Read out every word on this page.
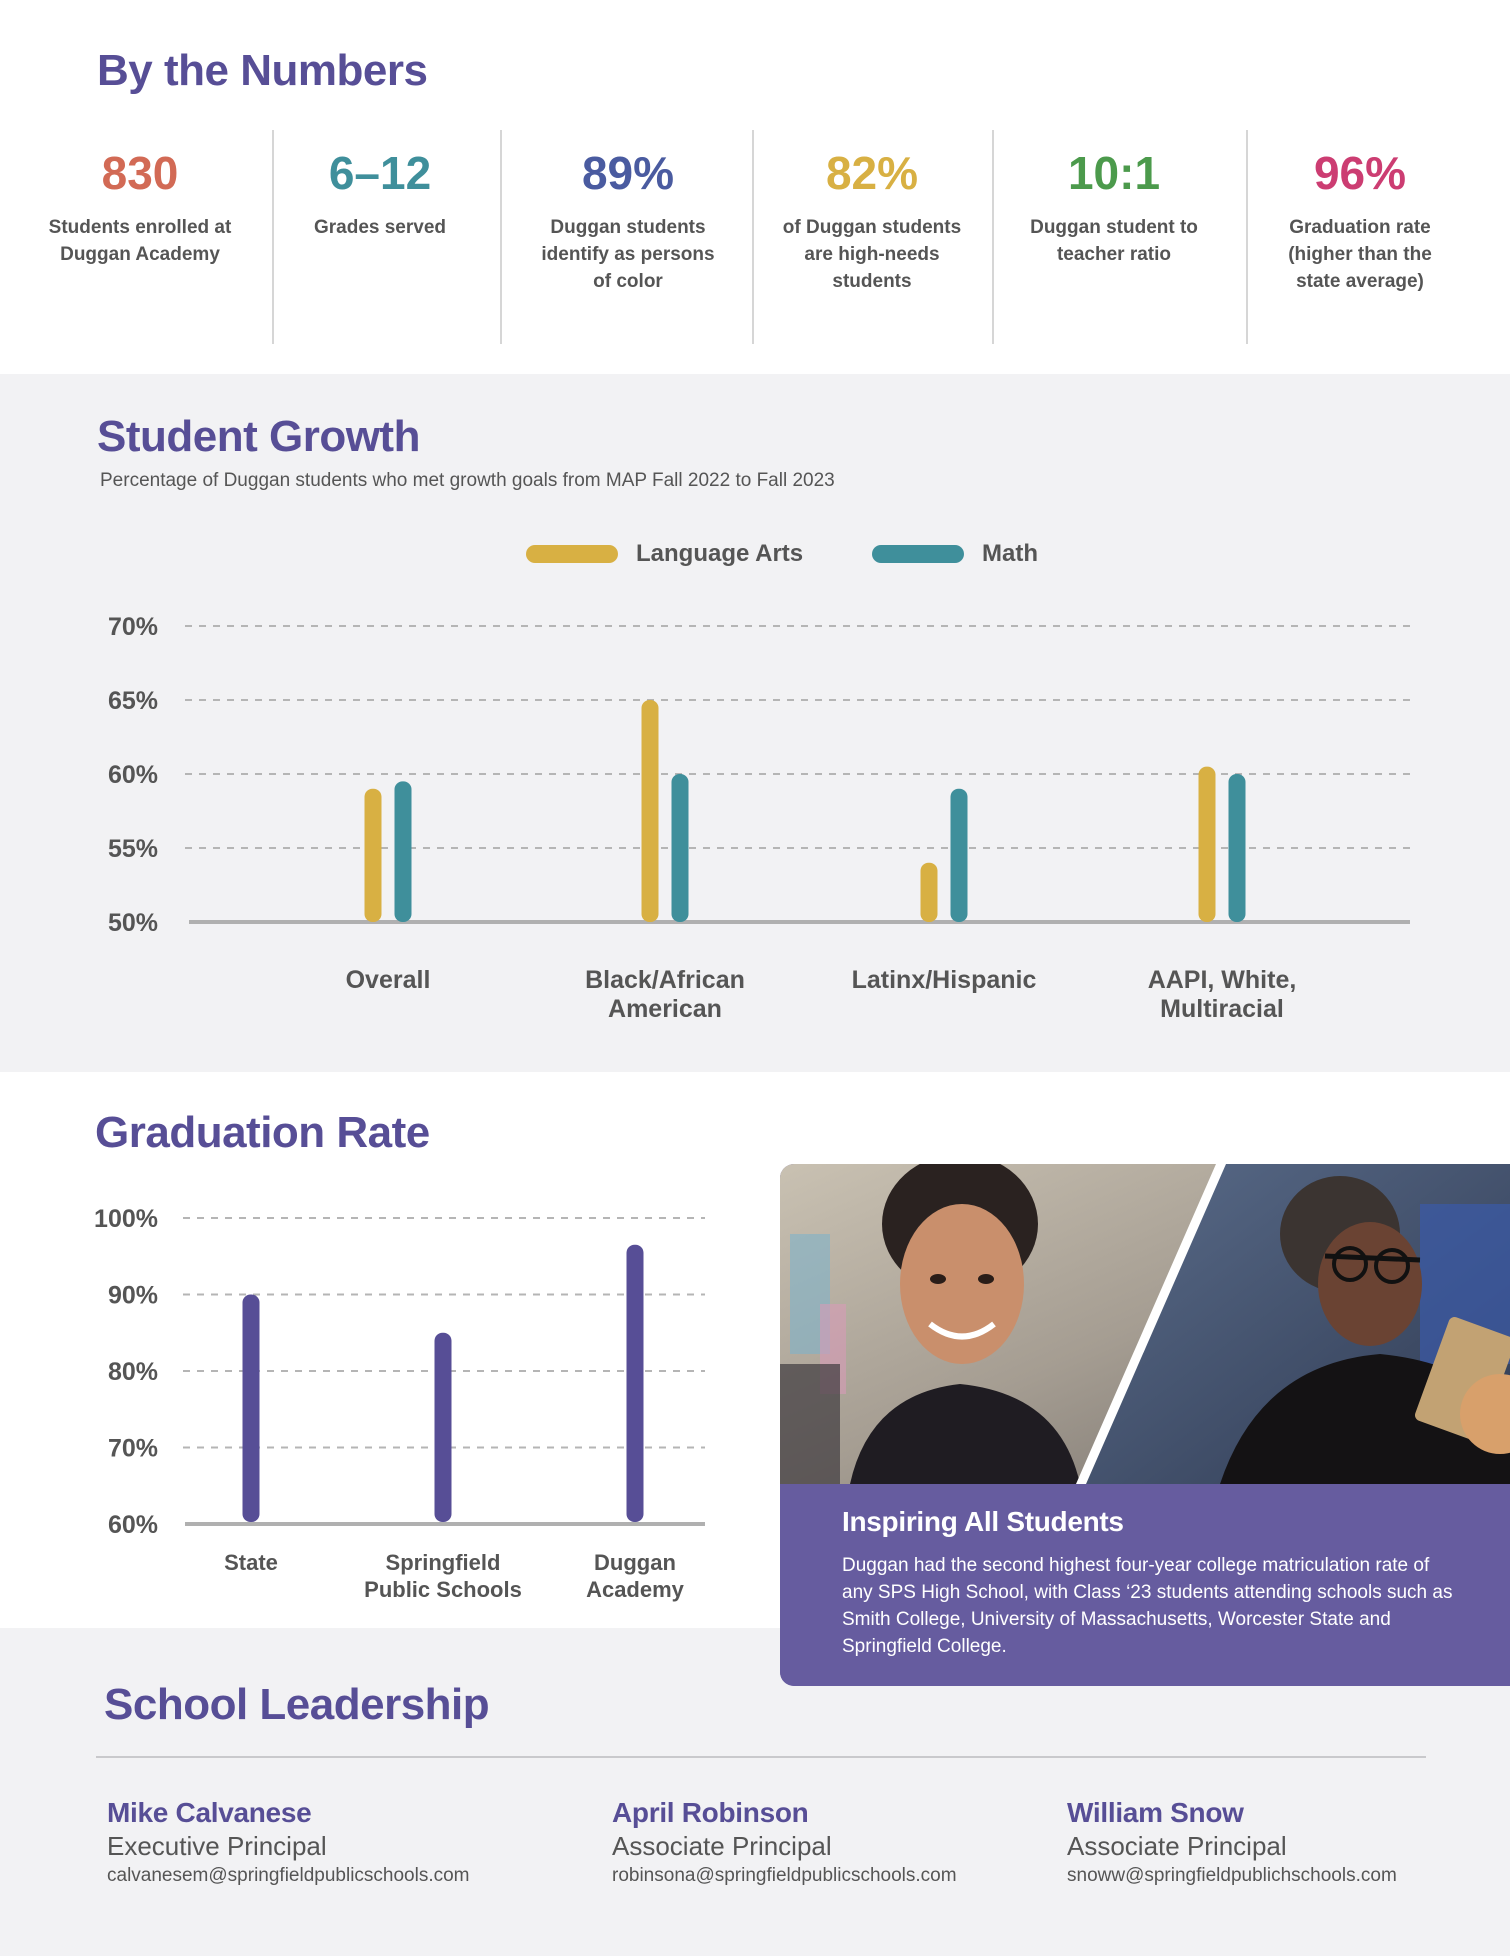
By the Numbers
830
Students enrolled at Duggan Academy
6–12
Grades served
89%
Duggan students identify as persons of color
82%
of Duggan students are high-needs students
10:1
Duggan student to teacher ratio
96%
Graduation rate (higher than the state average)
Student Growth

Percentage of Duggan students who met growth goals from MAP Fall 2022 to Fall 2023

Language Arts	Math
50%
55%
60%
65%
70%
Overall	Black/African American
Latinx/Hispanic	AAPI, White, Multiracial
Graduation Rate
60%
70%
80%
90%
100%
State	Springfield Public Schools
Duggan Academy
School Leadership
Mike Calvanese
Executive Principal
calvanesem@springfieldpublicschools.com
April Robinson
Associate Principal
robinsona@springfieldpublicschools.com
William Snow
Associate Principal
snoww@springfieldpublichschools.com
Inspiring All Students

Duggan had the second highest four-year college matriculation rate of any SPS High School, with Class ‘23 students attending schools such as Smith College, University of Massachusetts, Worcester State and Springfield College.
